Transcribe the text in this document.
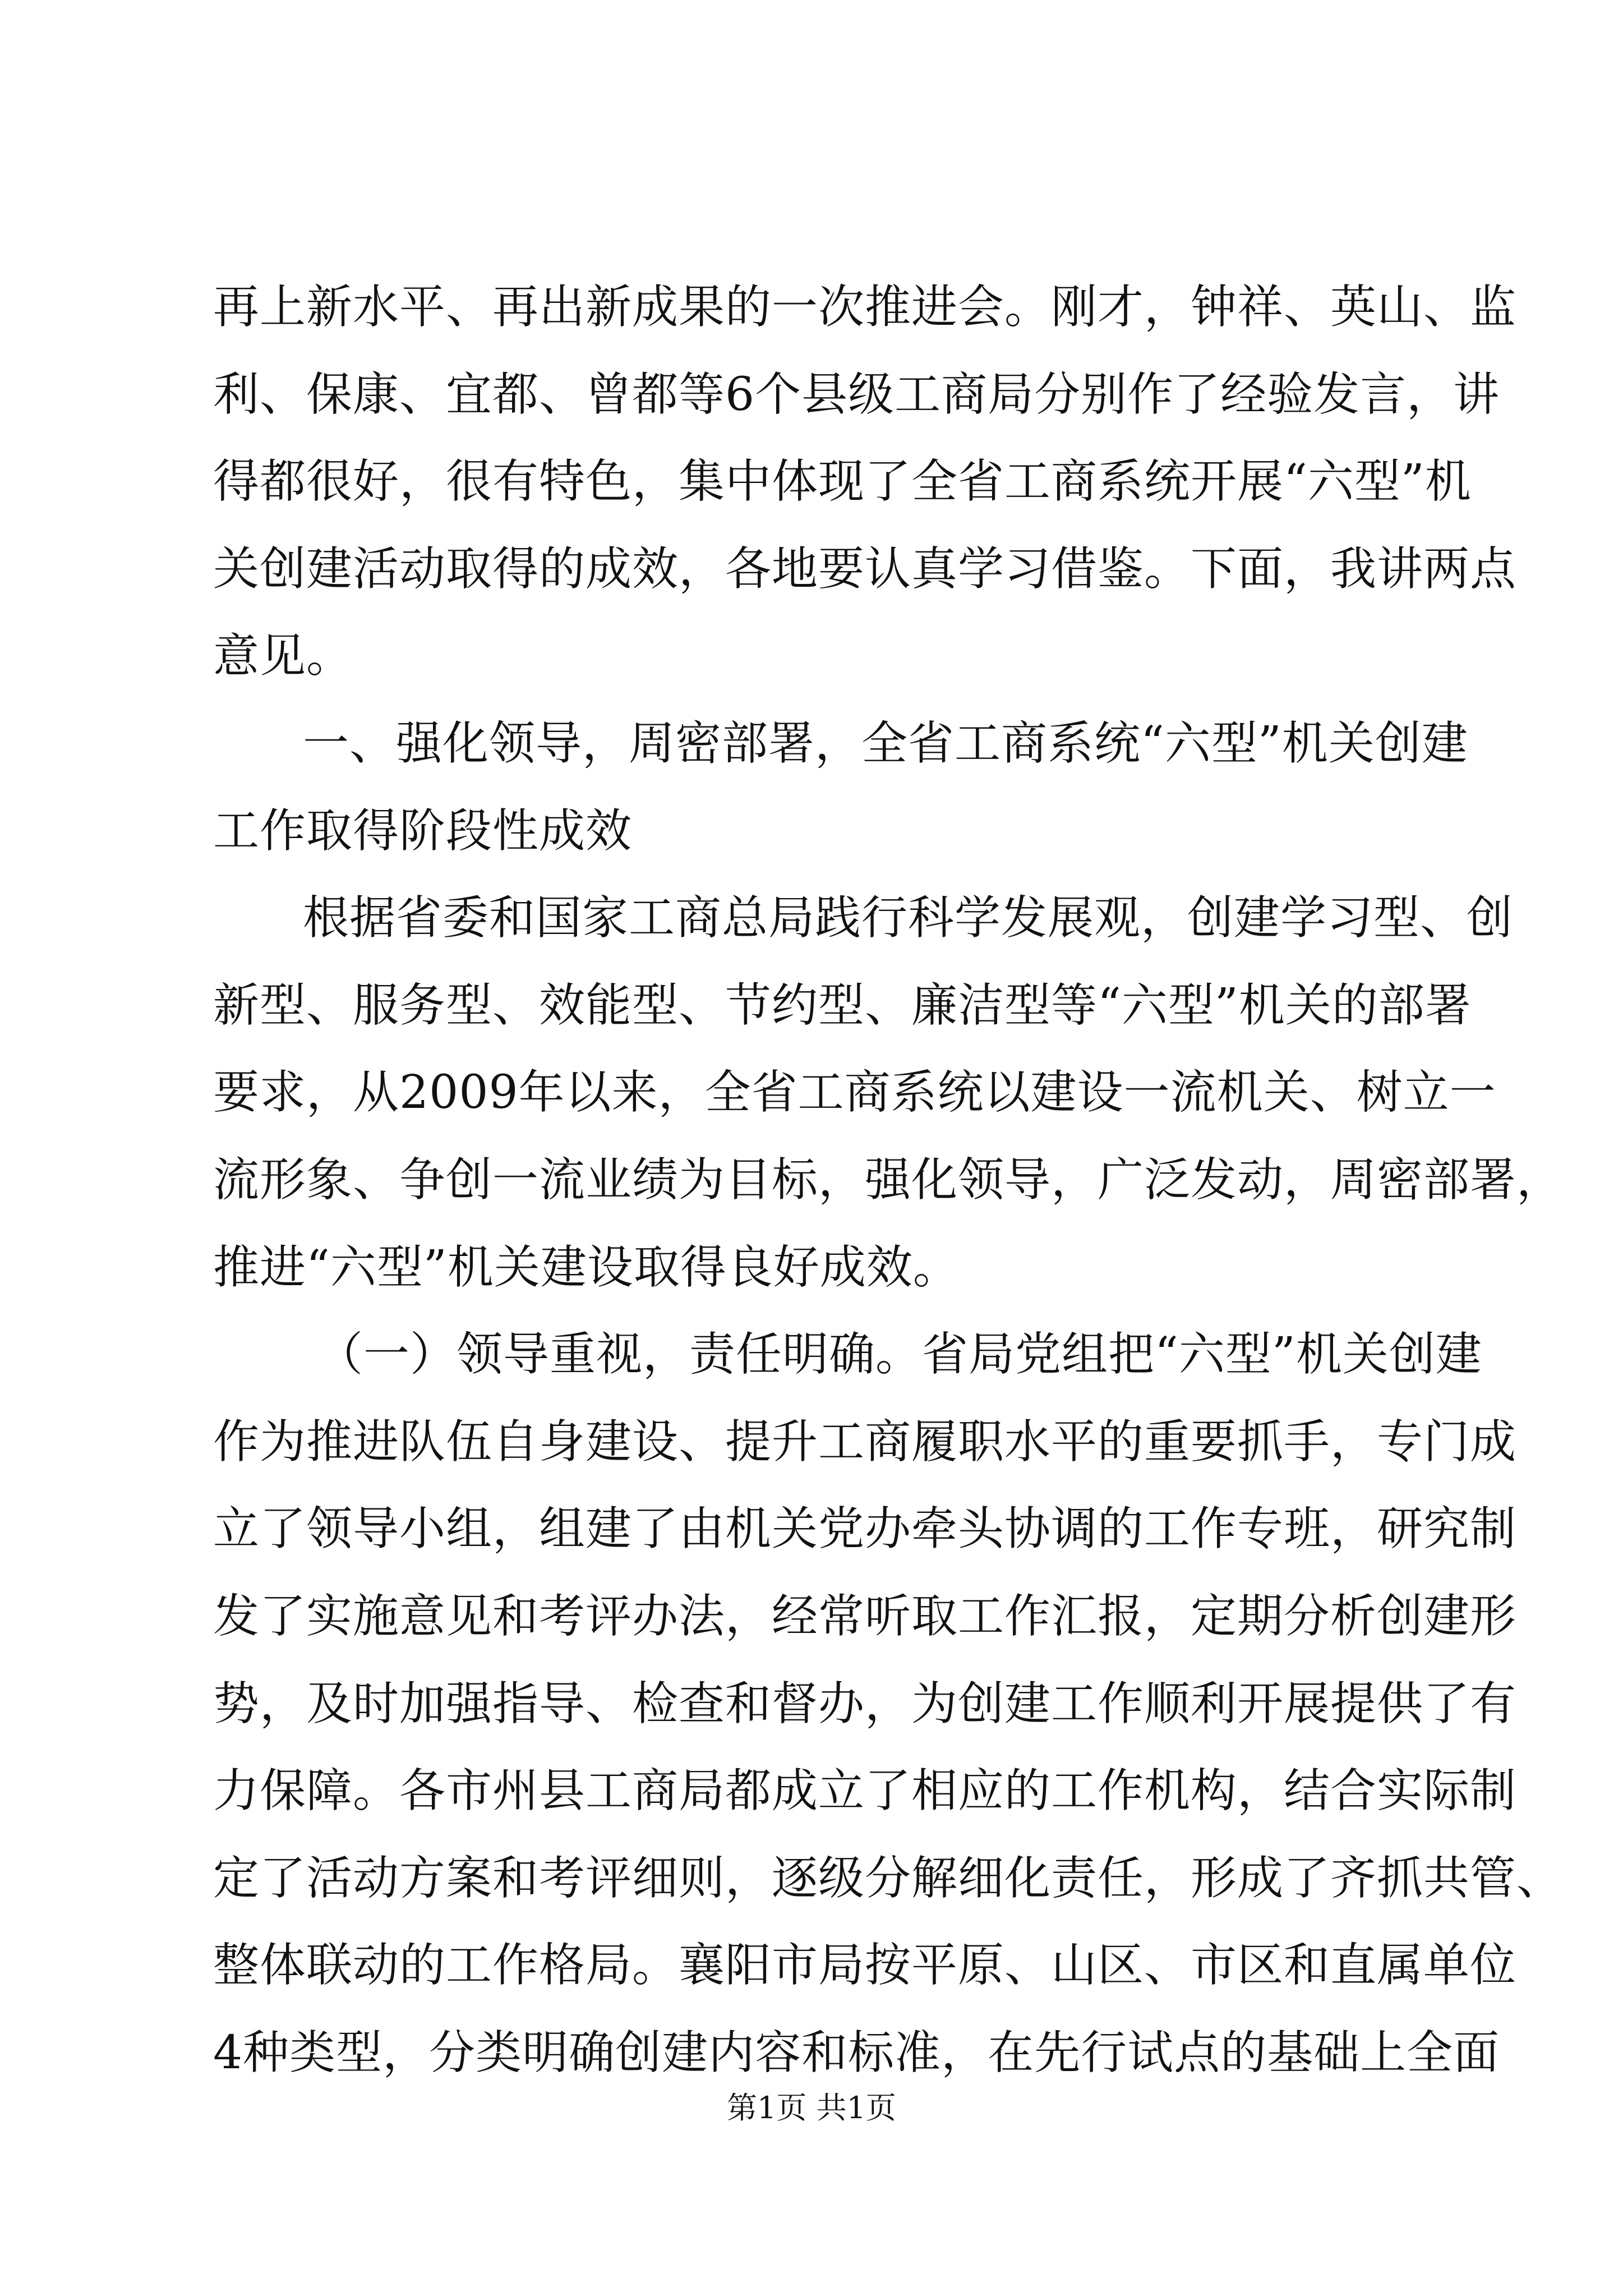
再上新水平、再出新成果的一次推进会。刚才，钟祥、英山、监
利、保康、宜都、曾都等6个县级工商局分别作了经验发言，讲
得都很好，很有特色，集中体现了全省工商系统开展“六型”机
关创建活动取得的成效，各地要认真学习借鉴。下面，我讲两点
意见。
一、强化领导，周密部署，全省工商系统“六型”机关创建
工作取得阶段性成效
根据省委和国家工商总局践行科学发展观，创建学习型、创
新型、服务型、效能型、节约型、廉洁型等“六型”机关的部署
要求，从2009年以来，全省工商系统以建设一流机关、树立一
流形象、争创一流业绩为目标，强化领导，广泛发动，周密部署，
推进“六型”机关建设取得良好成效。
（一）领导重视，责任明确。省局党组把“六型”机关创建
作为推进队伍自身建设、提升工商履职水平的重要抓手，专门成
立了领导小组，组建了由机关党办牵头协调的工作专班，研究制
发了实施意见和考评办法，经常听取工作汇报，定期分析创建形
势，及时加强指导、检查和督办，为创建工作顺利开展提供了有
力保障。各市州县工商局都成立了相应的工作机构，结合实际制
定了活动方案和考评细则，逐级分解细化责任，形成了齐抓共管、
整体联动的工作格局。襄阳市局按平原、山区、市区和直属单位
4种类型，分类明确创建内容和标准，在先行试点的基础上全面
第1页 共1页
